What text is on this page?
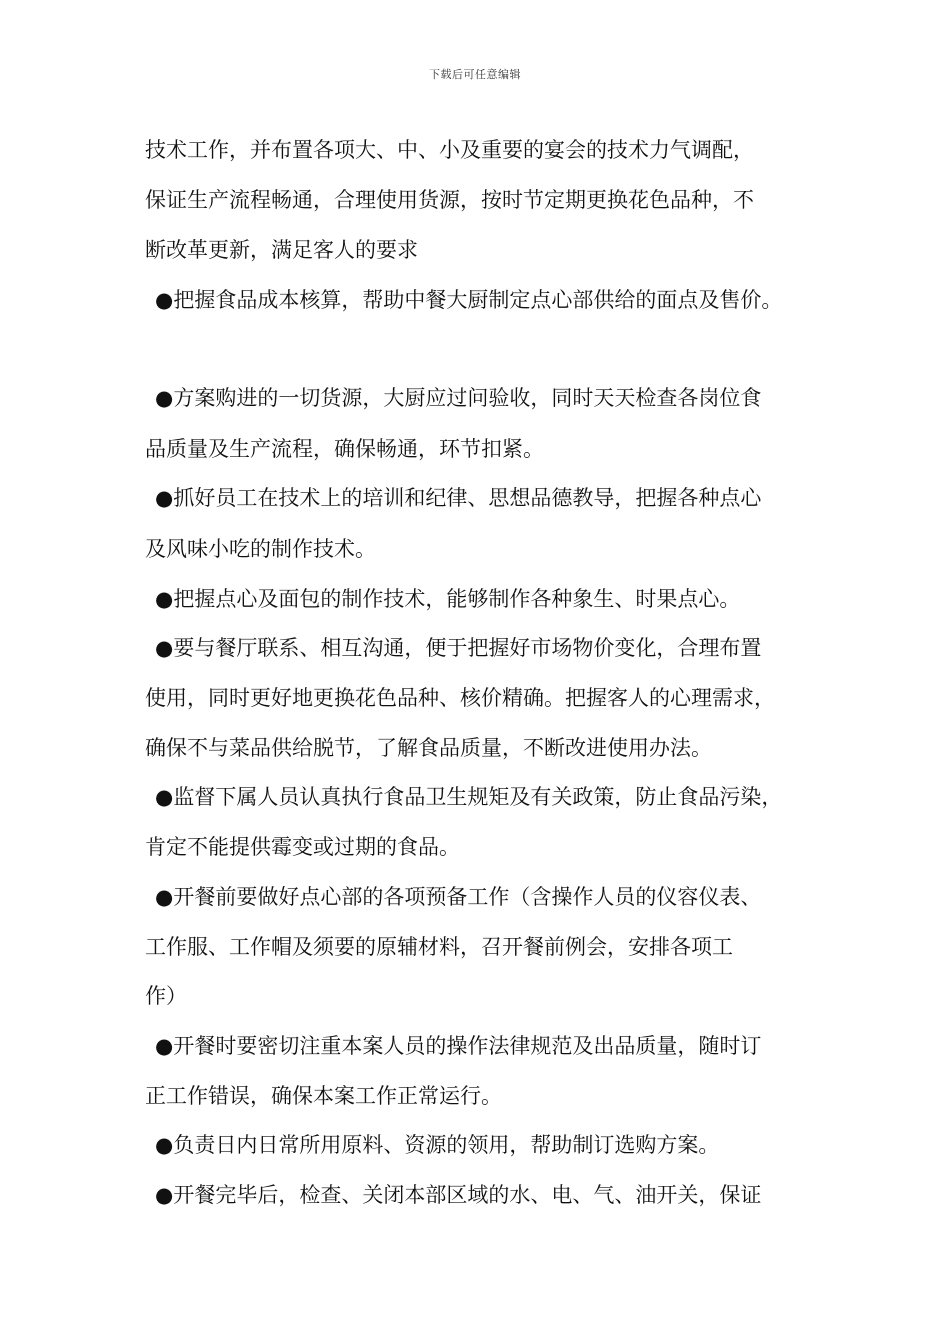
下载后可任意编辑
技术工作，并布置各项大、中、小及重要的宴会的技术力气调配，
保证生产流程畅通，合理使用货源，按时节定期更换花色品种，不
断改革更新，满足客人的要求
●把握食品成本核算，帮助中餐大厨制定点心部供给的面点及售价。
●方案购进的一切货源，大厨应过问验收，同时天天检查各岗位食
品质量及生产流程，确保畅通，环节扣紧。
●抓好员工在技术上的培训和纪律、思想品德教导，把握各种点心
及风味小吃的制作技术。
●把握点心及面包的制作技术，能够制作各种象生、时果点心。
●要与餐厅联系、相互沟通，便于把握好市场物价变化，合理布置
使用，同时更好地更换花色品种、核价精确。把握客人的心理需求，
确保不与菜品供给脱节，了解食品质量，不断改进使用办法。
●监督下属人员认真执行食品卫生规矩及有关政策，防止食品污染，
肯定不能提供霉变或过期的食品。
●开餐前要做好点心部的各项预备工作（含操作人员的仪容仪表、
工作服、工作帽及须要的原辅材料，召开餐前例会，安排各项工
作）
●开餐时要密切注重本案人员的操作法律规范及出品质量，随时订
正工作错误，确保本案工作正常运行。
●负责日内日常所用原料、资源的领用，帮助制订选购方案。
●开餐完毕后，检查、关闭本部区域的水、电、气、油开关，保证
